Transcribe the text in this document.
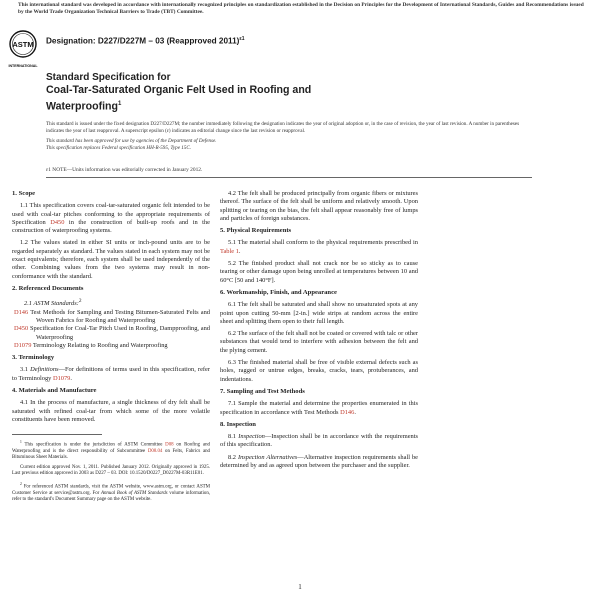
This international standard was developed in accordance with internationally recognized principles on standardization established in the Decision on Principles for the Development of International Standards, Guides and Recommendations issued by the World Trade Organization Technical Barriers to Trade (TBT) Committee.
ASTM
INTERNATIONAL
Designation: D227/D227M – 03 (Reapproved 2011)$^{\varepsilon 1}$
Standard Specification for
Coal-Tar-Saturated Organic Felt Used in Roofing and Waterproofing$^1$

This standard is issued under the fixed designation D227/D227M; the number immediately following the designation indicates the year of original adoption or, in the case of revision, the year of last revision. A number in parentheses indicates the year of last reapproval. A superscript epsilon (ε) indicates an editorial change since the last revision or reapproval.

This standard has been approved for use by agencies of the Department of Defense.
This specification replaces Federal specification HH-R-595, Type 15C.

ε1 NOTE—Units information was editorially corrected in January 2012.
1. Scope

1.1 This specification covers coal-tar-saturated organic felt intended to be used with coal-tar pitches conforming to the appropriate requirements of Specification D450 in the construction of built-up roofs and in the construction of waterproofing systems.

1.2 The values stated in either SI units or inch-pound units are to be regarded separately as standard. The values stated in each system may not be exact equivalents; therefore, each system shall be used independently of the other. Combining values from the two systems may result in non-conformance with the standard.

2. Referenced Documents

2.1 ASTM Standards:$^2$

D146 Test Methods for Sampling and Testing Bitumen-Saturated Felts and Woven Fabrics for Roofing and Waterproofing
D450 Specification for Coal-Tar Pitch Used in Roofing, Dampproofing, and Waterproofing
D1079 Terminology Relating to Roofing and Waterproofing
3. Terminology

3.1 Definitions—For definitions of terms used in this specification, refer to Terminology D1079.

4. Materials and Manufacture

4.1 In the process of manufacture, a single thickness of dry felt shall be saturated with refined coal-tar from which some of the more volatile constituents have been removed.

$^1$ This specification is under the jurisdiction of ASTM Committee D08 on Roofing and Waterproofing and is the direct responsibility of Subcommittee D08.04 on Felts, Fabrics and Bituminous Sheet Materials.

Current edition approved Nov. 1, 2011. Published January 2012. Originally approved in 1925. Last previous edition approved in 2003 as D227 – 03. DOI: 10.1520/D0227_D0227M-03R11E01.

$^2$ For referenced ASTM standards, visit the ASTM website, www.astm.org, or contact ASTM Customer Service at service@astm.org. For Annual Book of ASTM Standards volume information, refer to the standard's Document Summary page on the ASTM website.

4.2 The felt shall be produced principally from organic fibers or mixtures thereof. The surface of the felt shall be uniform and relatively smooth. Upon splitting or tearing on the bias, the felt shall appear reasonably free of lumps and particles of foreign substances.

5. Physical Requirements

5.1 The material shall conform to the physical requirements prescribed in Table 1.

5.2 The finished product shall not crack nor be so sticky as to cause tearing or other damage upon being unrolled at temperatures between 10 and 60°C [50 and 140°F].

6. Workmanship, Finish, and Appearance

6.1 The felt shall be saturated and shall show no unsaturated spots at any point upon cutting 50-mm [2-in.] wide strips at random across the entire sheet and splitting them open to their full length.

6.2 The surface of the felt shall not be coated or covered with talc or other substances that would tend to interfere with adhesion between the felt and the plying cement.

6.3 The finished material shall be free of visible external defects such as holes, ragged or untrue edges, breaks, cracks, tears, protuberances, and indentations.

7. Sampling and Test Methods

7.1 Sample the material and determine the properties enumerated in this specification in accordance with Test Methods D146.

8. Inspection

8.1 Inspection—Inspection shall be in accordance with the requirements of this specification.

8.2 Inspection Alternatives—Alternative inspection requirements shall be determined by and as agreed upon between the purchaser and the supplier.

1
